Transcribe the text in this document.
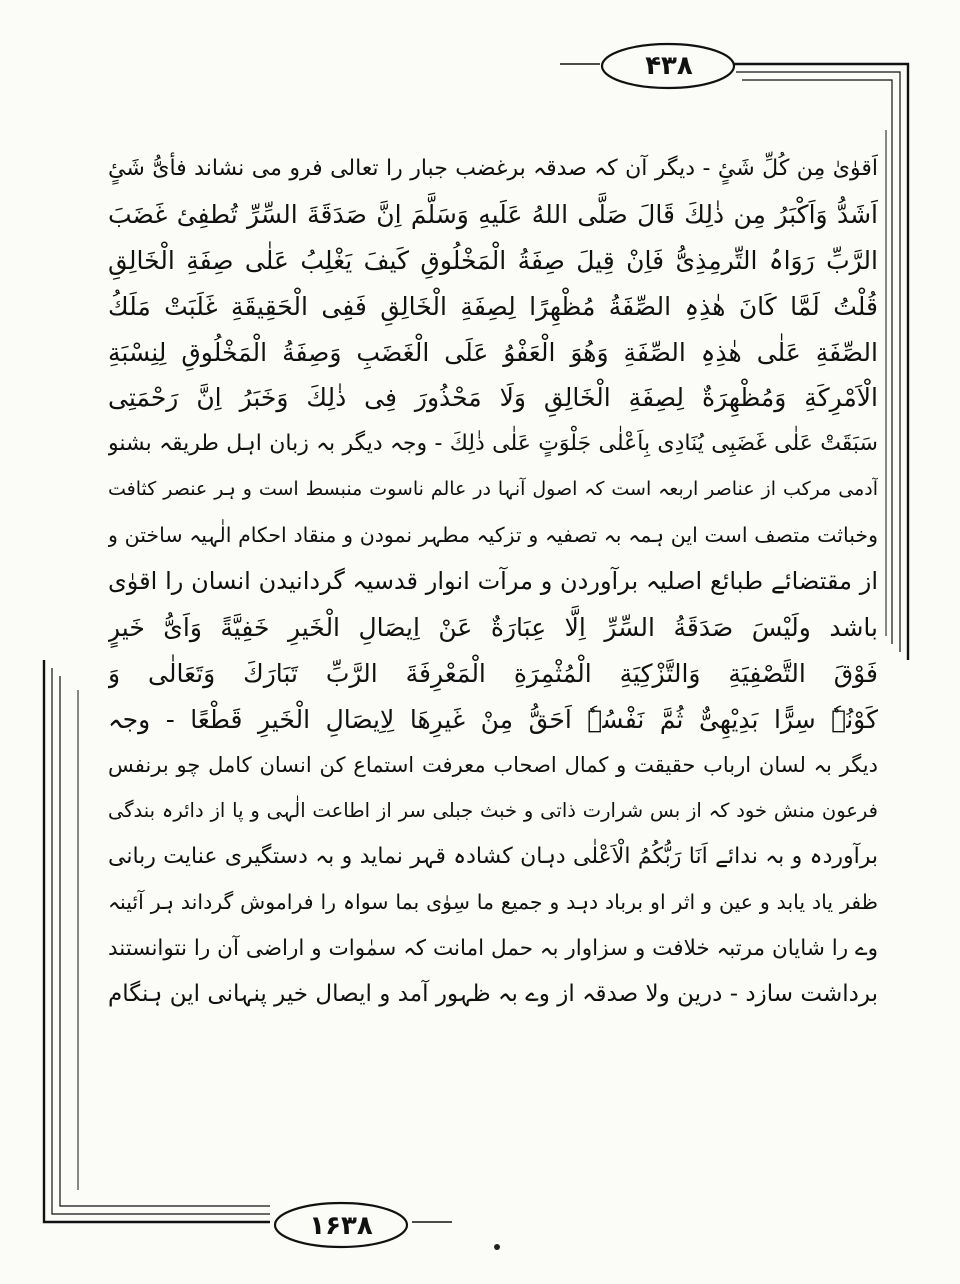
۴۳۸
۱۶۳۸
اَقوٰیٰ مِن کُلِّ شَیٍٔ - دیگر آن کہ صدقہ برغضب جبار را تعالی فرو می نشاند فأیُّ شَیٍٔ
اَشَدُّ وَاَکْبَرُ مِن ذٰلِكَ قَالَ صَلَّی اللهُ عَلَیهِ وَسَلَّمَ اِنَّ صَدَقَةَ السِّرِّ تُطفِیٔ غَضَبَ
الرَّبِّ رَوَاہُ التِّرمِذِیُّ فَاِنْ قِیلَ صِفَةُ الْمَخْلُوقِ کَیفَ یَغْلِبُ عَلٰی صِفَةِ الْخَالِقِ
قُلْتُ لَمَّا کَانَ ھٰذِہِ الصِّفَةُ مُظْھِرًا لِصِفَةِ الْخَالِقِ فَفِی الْحَقِیقَةِ غَلَبَتْ مَلَكُ
الصِّفَةِ عَلٰی ھٰذِہِ الصِّفَةِ وَھُوَ الْعَفْوُ عَلَی الْغَضَبِ وَصِفَةُ الْمَخْلُوقِ لِنِسْبَةِ
الْاَمْرِکَةِ وَمُظْھِرَةٌ لِصِفَةِ الْخَالِقِ وَلَا مَحْذُورَ فِی ذٰلِكَ وَخَبَرُ اِنَّ رَحْمَتِی
سَبَقَتْ عَلٰی غَضَبِی یُنَادِی بِاَعْلٰی جَلْوَتٍ عَلٰی ذٰلِكَ - وجہ دیگر بہ زبان اہل طریقہ بشنو
آدمی مرکب از عناصر اربعہ است کہ اصول آنہا در عالم ناسوت منبسط است و ہر عنصر کثافت
وخباثت متصف است این ہمہ بہ تصفیہ و تزکیہ مطہر نمودن و منقاد احکام الٰہیہ ساختن و
از مقتضائے طبائع اصلیہ برآوردن و مرآت انوار قدسیہ گردانیدن انسان را اقوٰی
باشد ولَیْسَ صَدَقَةُ السِّرِّ اِلَّا عِبَارَةٌ عَنْ اِیصَالِ الْخَیرِ خَفِیَّةً وَاَیُّ خَیرٍ
فَوْقَ التَّصْفِیَةِ وَالتَّزْکِیَةِ الْمُثْمِرَةِ الْمَعْرِفَةَ الرَّبِّ تَبَارَكَ وَتَعَالٰی وَ
کَوْنُہٗ سِرًّا بَدِیْھِیٌّ ثُمَّ نَفْسُہٗ اَحَقُّ مِنْ غَیرِھَا لِاِیصَالِ الْخَیرِ قَطْعًا - وجہ
دیگر بہ لسان ارباب حقیقت و کمال اصحاب معرفت استماع کن انسان کامل چو برنفس
فرعون منش خود کہ از بس شرارت ذاتی و خبث جبلی سر از اطاعت الٰہی و پا از دائرہ بندگی
برآوردہ و بہ ندائے اَنَا رَبُّکُمُ الْاَعْلٰی دہان کشادہ قہر نماید و بہ دستگیری عنایت ربانی
ظفر یاد یابد و عین و اثر او برباد دہد و جمیع ما سِوٰی بما سواہ را فراموش گرداند ہر آئینہ
وے را شایان مرتبہ خلافت و سزاوار بہ حمل امانت کہ سمٰوات و اراضی آن را نتوانستند
برداشت سازد - درین ولا صدقہ از وے بہ ظہور آمد و ایصال خیر پنہانی این ہنگام
